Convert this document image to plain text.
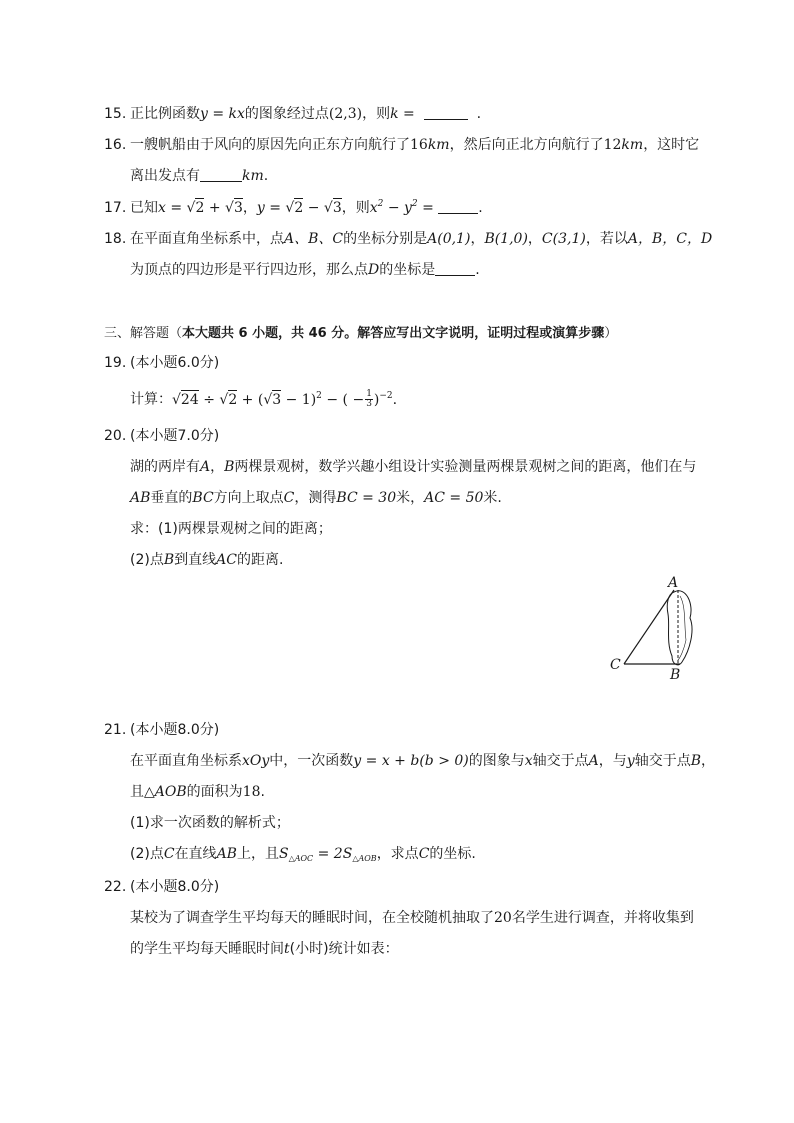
15. 正比例函数y = kx的图象经过点(2,3)，则k =	.
16. 一艘帆船由于风向的原因先向正东方向航行了16km，然后向正北方向航行了12km，这时它
离出发点有	km.
17. 已知x = √2 + √3，y = √2 − √3，则$x^2 - y^2$ =	.
18. 在平面直角坐标系中，点A、B、C的坐标分别是A(0,1)，B(1,0)，C(3,1)，若以A，B，C，D
为顶点的四边形是平行四边形，那么点D的坐标是	.
三、解答题（本大题共 6 小题，共 46 分。解答应写出文字说明，证明过程或演算步骤）
19. (本小题6.0分)
计算：$√24 \div √2 + (√3 - 1)^2$ − ( − $\frac{1}{3} )^{-2}$.
20. (本小题7.0分)
湖的两岸有A，B两棵景观树，数学兴趣小组设计实验测量两棵景观树之间的距离，他们在与
AB垂直的BC方向上取点C，测得BC = 30米，AC = 50米.
求：(1)两棵景观树之间的距离；
(2)点B到直线AC的距离.
A
C
B
21. (本小题8.0分)
在平面直角坐标系xOy中，一次函数y = x + b(b > 0)的图象与x轴交于点A，与y轴交于点B，
且△AOB的面积为18.
(1)求一次函数的解析式；
(2)点C在直线AB上，且$S_{\triangle AOC} = 2S_{\triangle AOB}$，求点C的坐标.
22. (本小题8.0分)
某校为了调查学生平均每天的睡眠时间，在全校随机抽取了20名学生进行调查，并将收集到
的学生平均每天睡眠时间t(小时)统计如表：
